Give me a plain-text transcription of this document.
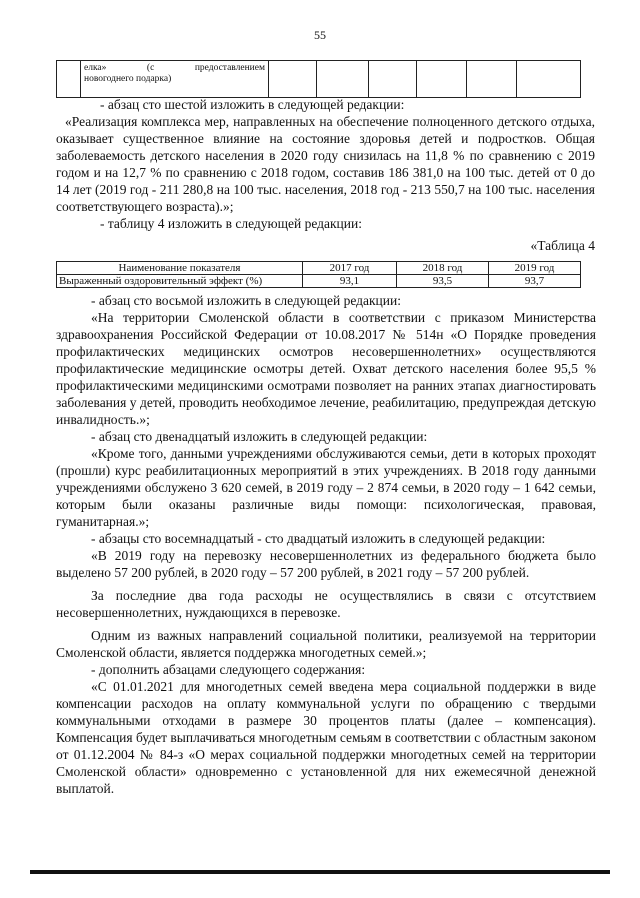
55
	елка» (с предоставлением
новогоднего подарка)

- абзац сто шестой изложить в следующей редакции:

«Реализация комплекса мер, направленных на обеспечение полноценного детского отдыха, оказывает существенное влияние на состояние здоровья детей и подростков. Общая заболеваемость детского населения в 2020 году снизилась на 11,8 % по сравнению с 2019 годом и на 12,7 % по сравнению с 2018 годом, составив 186 381,0 на 100 тыс. детей от 0 до 14 лет (2019 год - 211 280,8 на 100 тыс. населения, 2018 год - 213 550,7 на 100 тыс. населения соответствующего возраста).»;

- таблицу 4 изложить в следующей редакции:

«Таблица 4

Наименование показателя	2017 год	2018 год	2019 год
Выраженный оздоровительный эффект (%)	93,1	93,5	93,7

- абзац сто восьмой изложить в следующей редакции:

«На территории Смоленской области в соответствии с приказом Министерства здравоохранения Российской Федерации от 10.08.2017 № 514н «О Порядке проведения профилактических медицинских осмотров несовершеннолетних» осуществляются профилактические медицинские осмотры детей. Охват детского населения более 95,5 % профилактическими медицинскими осмотрами позволяет на ранних этапах диагностировать заболевания у детей, проводить необходимое лечение, реабилитацию, предупреждая детскую инвалидность.»;

- абзац сто двенадцатый изложить в следующей редакции:

«Кроме того, данными учреждениями обслуживаются семьи, дети в которых проходят (прошли) курс реабилитационных мероприятий в этих учреждениях. В 2018 году данными учреждениями обслужено 3 620 семей, в 2019 году – 2 874 семьи, в 2020 году – 1 642 семьи, которым были оказаны различные виды помощи: психологическая, правовая, гуманитарная.»;

- абзацы сто восемнадцатый - сто двадцатый изложить в следующей редакции:

«В 2019 году на перевозку несовершеннолетних из федерального бюджета было выделено 57 200 рублей, в 2020 году – 57 200 рублей, в 2021 году – 57 200 рублей.

За последние два года расходы не осуществлялись в связи с отсутствием несовершеннолетних, нуждающихся в перевозке.

Одним из важных направлений социальной политики, реализуемой на территории Смоленской области, является поддержка многодетных семей.»;

- дополнить абзацами следующего содержания:

«С 01.01.2021 для многодетных семей введена мера социальной поддержки в виде компенсации расходов на оплату коммунальной услуги по обращению с твердыми коммунальными отходами в размере 30 процентов платы (далее – компенсация). Компенсация будет выплачиваться многодетным семьям в соответствии с областным законом от 01.12.2004 № 84-з «О мерах социальной поддержки многодетных семей на территории Смоленской области» одновременно с установленной для них ежемесячной денежной выплатой.
